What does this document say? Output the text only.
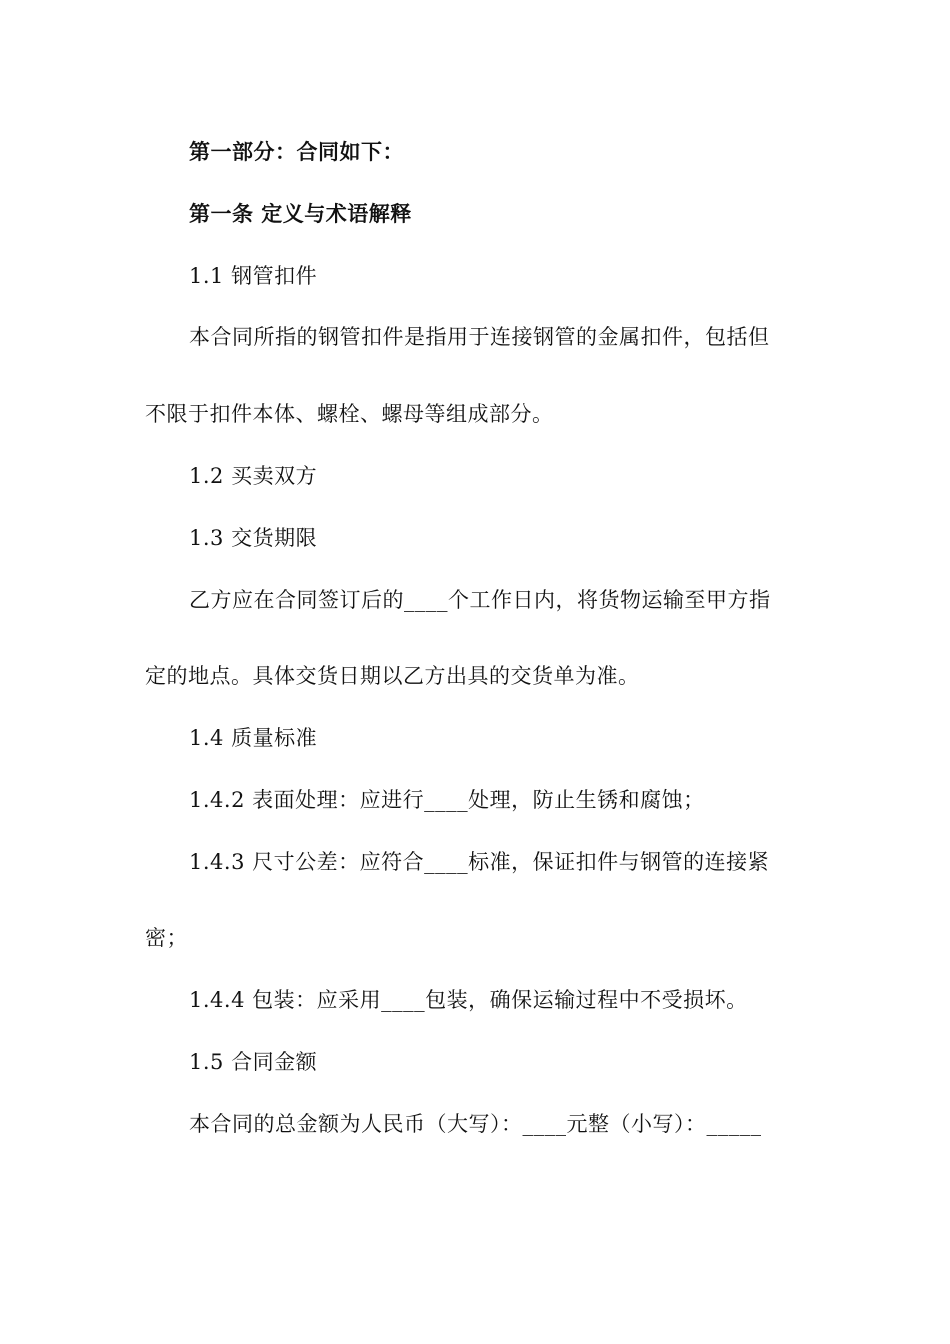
第一部分：合同如下：
第一条 定义与术语解释
1.1 钢管扣件
本合同所指的钢管扣件是指用于连接钢管的金属扣件，包括但
不限于扣件本体、螺栓、螺母等组成部分。
1.2 买卖双方
1.3 交货期限
乙方应在合同签订后的____个工作日内，将货物运输至甲方指
定的地点。具体交货日期以乙方出具的交货单为准。
1.4 质量标准
1.4.2 表面处理：应进行____处理，防止生锈和腐蚀；
1.4.3 尺寸公差：应符合____标准，保证扣件与钢管的连接紧
密；
1.4.4 包装：应采用____包装，确保运输过程中不受损坏。
1.5 合同金额
本合同的总金额为人民币（大写）：____元整（小写）：_____
